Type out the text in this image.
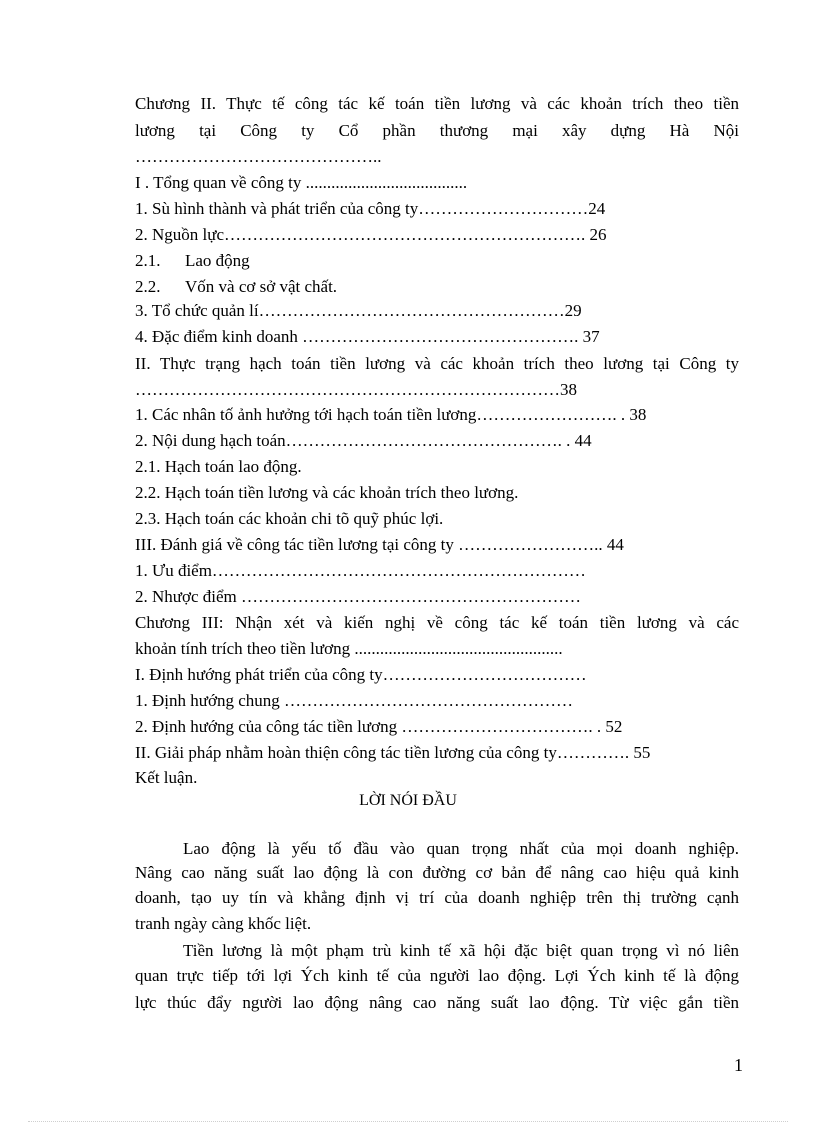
Chương II. Thực tế công tác kế toán tiền lương và các khoản trích theo tiền
lương tại Công ty Cổ phần thương mại xây dựng Hà Nội
……………………………………..
I . Tổng quan về công ty ......................................
1. Sù hình thành và phát triển của công ty…………………………24
2. Nguồn lực………………………………………………………. 26
2.1.	Lao động
2.2.	Vốn và cơ sở vật chất.
3. Tổ chức quản lí………………………………………………29
4. Đặc điểm kinh doanh …………………………………………. 37
II. Thực trạng hạch toán tiền lương và các khoản trích theo lương tại Công ty
…………………………………………………………………38
1. Các nhân tố ảnh hưởng tới hạch toán tiền lương……………………. . 38
2. Nội dung hạch toán…………………………………………. . 44
2.1. Hạch toán lao động.
2.2. Hạch toán tiền lương và các khoản trích theo lương.
2.3. Hạch toán các khoản chi tõ quỹ phúc lợi.
III. Đánh giá về công tác tiền lương tại công ty …………………….. 44
1. Ưu điểm…………………………………………………………
2. Nhược điểm ……………………………………………………
Chương III: Nhận xét và kiến nghị về công tác kế toán tiền lương và các
khoản tính trích theo tiền lương .................................................
I. Định hướng phát triển của công ty………………………………
1. Định hướng chung ……………………………………………
2. Định hướng của công tác tiền lương ……………………………. . 52
II. Giải pháp nhằm hoàn thiện công tác tiền lương của công ty…………. 55
Kết luận.
LỜI NÓI ĐẦU
Lao động là yếu tố đầu vào quan trọng nhất của mọi doanh nghiệp.
Nâng cao năng suất lao động là con đường cơ bản để nâng cao hiệu quả kinh
doanh, tạo uy tín và khẳng định vị trí của doanh nghiệp trên thị trường cạnh
tranh ngày càng khốc liệt.
Tiền lương là một phạm trù kinh tế xã hội đặc biệt quan trọng vì nó liên
quan trực tiếp tới lợi Ých kinh tế của người lao động. Lợi Ých kinh tế là động
lực thúc đẩy người lao động nâng cao năng suất lao động. Từ việc gắn tiền
1
